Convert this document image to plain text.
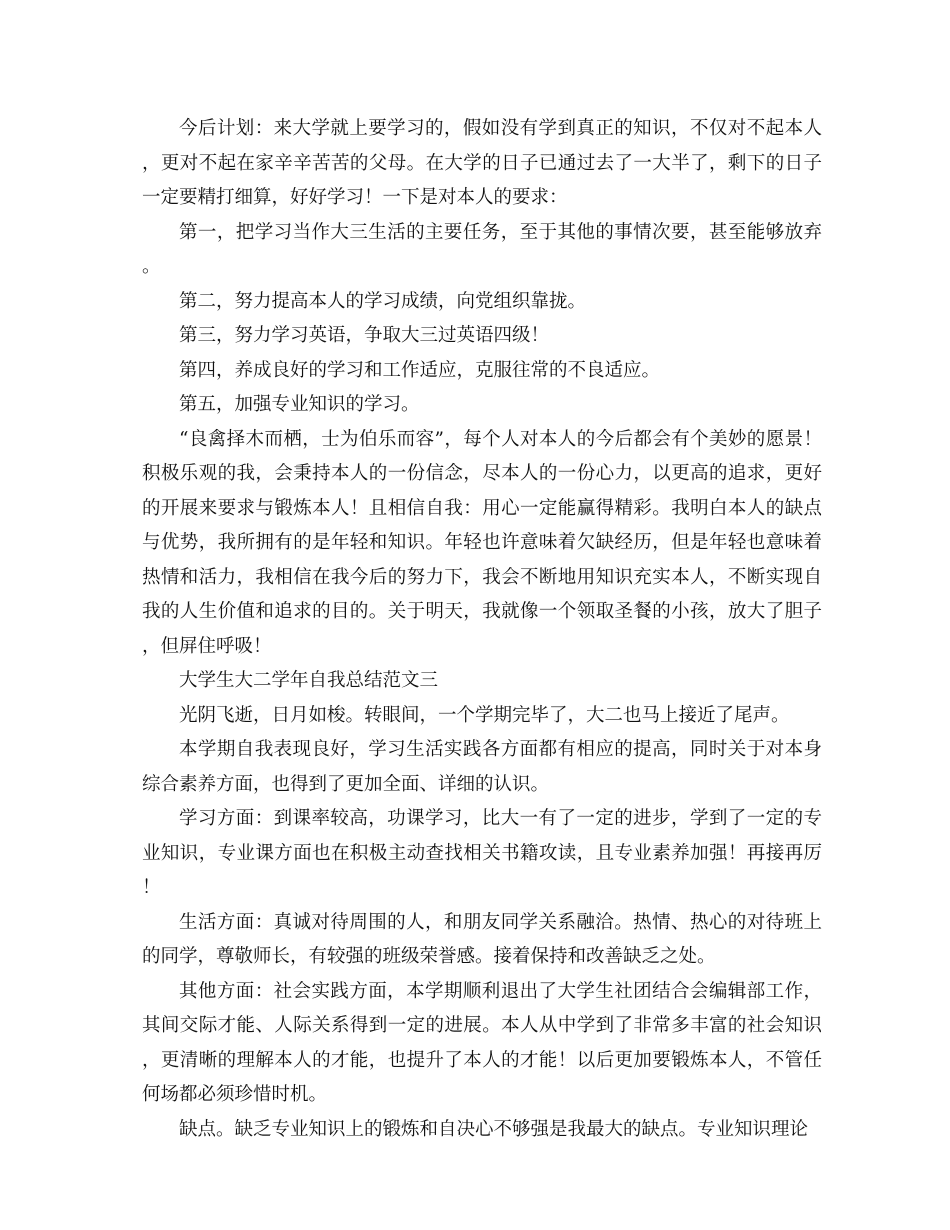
今后计划：来大学就上要学习的，假如没有学到真正的知识，不仅对不起本人，更对不起在家辛辛苦苦的父母。在大学的日子已通过去了一大半了，剩下的日子一定要精打细算，好好学习！一下是对本人的要求：

第一，把学习当作大三生活的主要任务，至于其他的事情次要，甚至能够放弃。

第二，努力提高本人的学习成绩，向党组织靠拢。

第三，努力学习英语，争取大三过英语四级！

第四，养成良好的学习和工作适应，克服往常的不良适应。

第五，加强专业知识的学习。

“良禽择木而栖，士为伯乐而容”，每个人对本人的今后都会有个美妙的愿景！积极乐观的我，会秉持本人的一份信念，尽本人的一份心力，以更高的追求，更好的开展来要求与锻炼本人！且相信自我：用心一定能赢得精彩。我明白本人的缺点与优势，我所拥有的是年轻和知识。年轻也许意味着欠缺经历，但是年轻也意味着热情和活力，我相信在我今后的努力下，我会不断地用知识充实本人，不断实现自我的人生价值和追求的目的。关于明天，我就像一个领取圣餐的小孩，放大了胆子，但屏住呼吸！

大学生大二学年自我总结范文三

光阴飞逝，日月如梭。转眼间，一个学期完毕了，大二也马上接近了尾声。

本学期自我表现良好，学习生活实践各方面都有相应的提高，同时关于对本身综合素养方面，也得到了更加全面、详细的认识。

学习方面：到课率较高，功课学习，比大一有了一定的进步，学到了一定的专业知识，专业课方面也在积极主动查找相关书籍攻读，且专业素养加强！再接再厉！

生活方面：真诚对待周围的人，和朋友同学关系融洽。热情、热心的对待班上的同学，尊敬师长，有较强的班级荣誉感。接着保持和改善缺乏之处。

其他方面：社会实践方面，本学期顺利退出了大学生社团结合会编辑部工作，其间交际才能、人际关系得到一定的进展。本人从中学到了非常多丰富的社会知识，更清晰的理解本人的才能，也提升了本人的才能！以后更加要锻炼本人，不管任何场都必须珍惜时机。

缺点。缺乏专业知识上的锻炼和自决心不够强是我最大的缺点。专业知识理论
